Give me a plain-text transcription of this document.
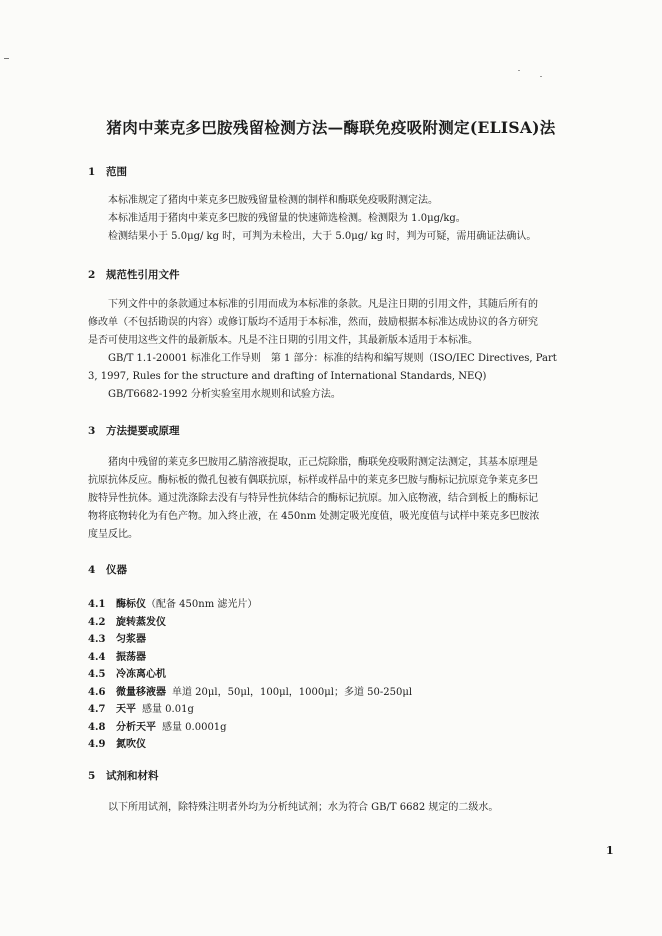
猪肉中莱克多巴胺残留检测方法—酶联免疫吸附测定(ELISA)法
1 范围
本标准规定了猪肉中莱克多巴胺残留量检测的制样和酶联免疫吸附测定法。
本标准适用于猪肉中莱克多巴胺的残留量的快速筛选检测。检测限为 1.0μg/kg。
检测结果小于 5.0μg/ kg 时，可判为未检出，大于 5.0μg/ kg 时，判为可疑，需用确证法确认。
2 规范性引用文件
下列文件中的条款通过本标准的引用而成为本标准的条款。凡是注日期的引用文件，其随后所有的
修改单（不包括勘误的内容）或修订版均不适用于本标准，然而，鼓励根据本标准达成协议的各方研究
是否可使用这些文件的最新版本。凡是不注日期的引用文件，其最新版本适用于本标准。
GB/T 1.1-20001 标准化工作导则　第 1 部分：标准的结构和编写规则（ISO/IEC Directives, Part
3, 1997, Rules for the structure and drafting of International Standards, NEQ)
GB/T6682-1992 分析实验室用水规则和试验方法。
3 方法提要或原理
猪肉中残留的莱克多巴胺用乙腈溶液提取，正己烷除脂，酶联免疫吸附测定法测定，其基本原理是
抗原抗体反应。酶标板的微孔包被有偶联抗原，标样或样品中的莱克多巴胺与酶标记抗原竞争莱克多巴
胺特异性抗体。通过洗涤除去没有与特异性抗体结合的酶标记抗原。加入底物液，结合到板上的酶标记
物将底物转化为有色产物。加入终止液，在 450nm 处测定吸光度值，吸光度值与试样中莱克多巴胺浓
度呈反比。
4 仪器
4.1 酶标仪（配备 450nm 滤光片）
4.2 旋转蒸发仪
4.3 匀浆器
4.4 振荡器
4.5 冷冻离心机
4.6 微量移液器 单道 20μl，50μl，100μl，1000μl；多道 50-250μl
4.7 天平 感量 0.01g
4.8 分析天平 感量 0.0001g
4.9 氮吹仪
5 试剂和材料
以下所用试剂，除特殊注明者外均为分析纯试剂；水为符合 GB/T 6682 规定的二级水。
1
